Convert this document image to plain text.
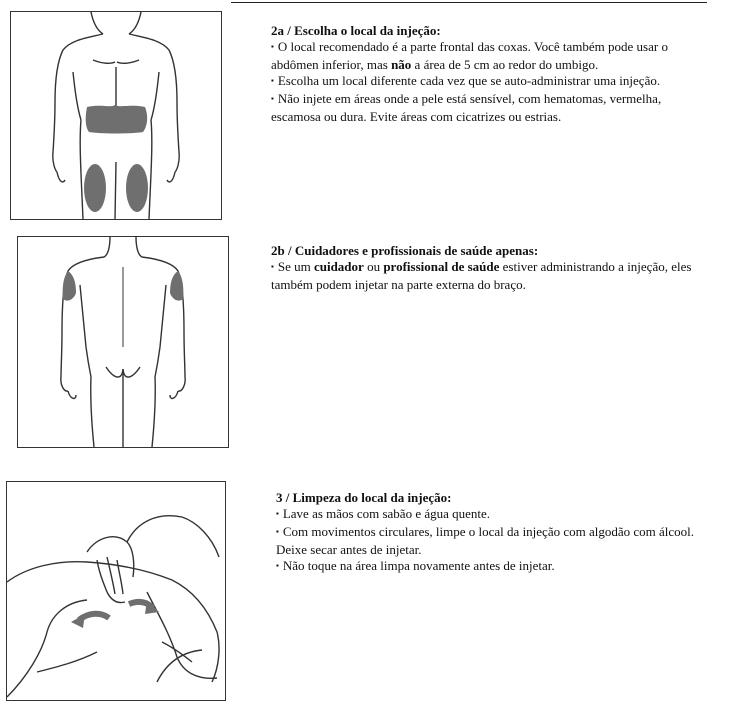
2a / Escolha o local da injeção:

▪ O local recomendado é a parte frontal das coxas. Você também pode usar o abdômen inferior, mas não a área de 5 cm ao redor do umbigo.

▪ Escolha um local diferente cada vez que se auto-administrar uma injeção.

▪ Não injete em áreas onde a pele está sensível, com hematomas, vermelha, escamosa ou dura. Evite áreas com cicatrizes ou estrias.

2b / Cuidadores e profissionais de saúde apenas:

▪ Se um cuidador ou profissional de saúde estiver administrando a injeção, eles também podem injetar na parte externa do braço.

3 / Limpeza do local da injeção:

▪ Lave as mãos com sabão e água quente.

▪ Com movimentos circulares, limpe o local da injeção com algodão com álcool. Deixe secar antes de injetar.

▪ Não toque na área limpa novamente antes de injetar.
